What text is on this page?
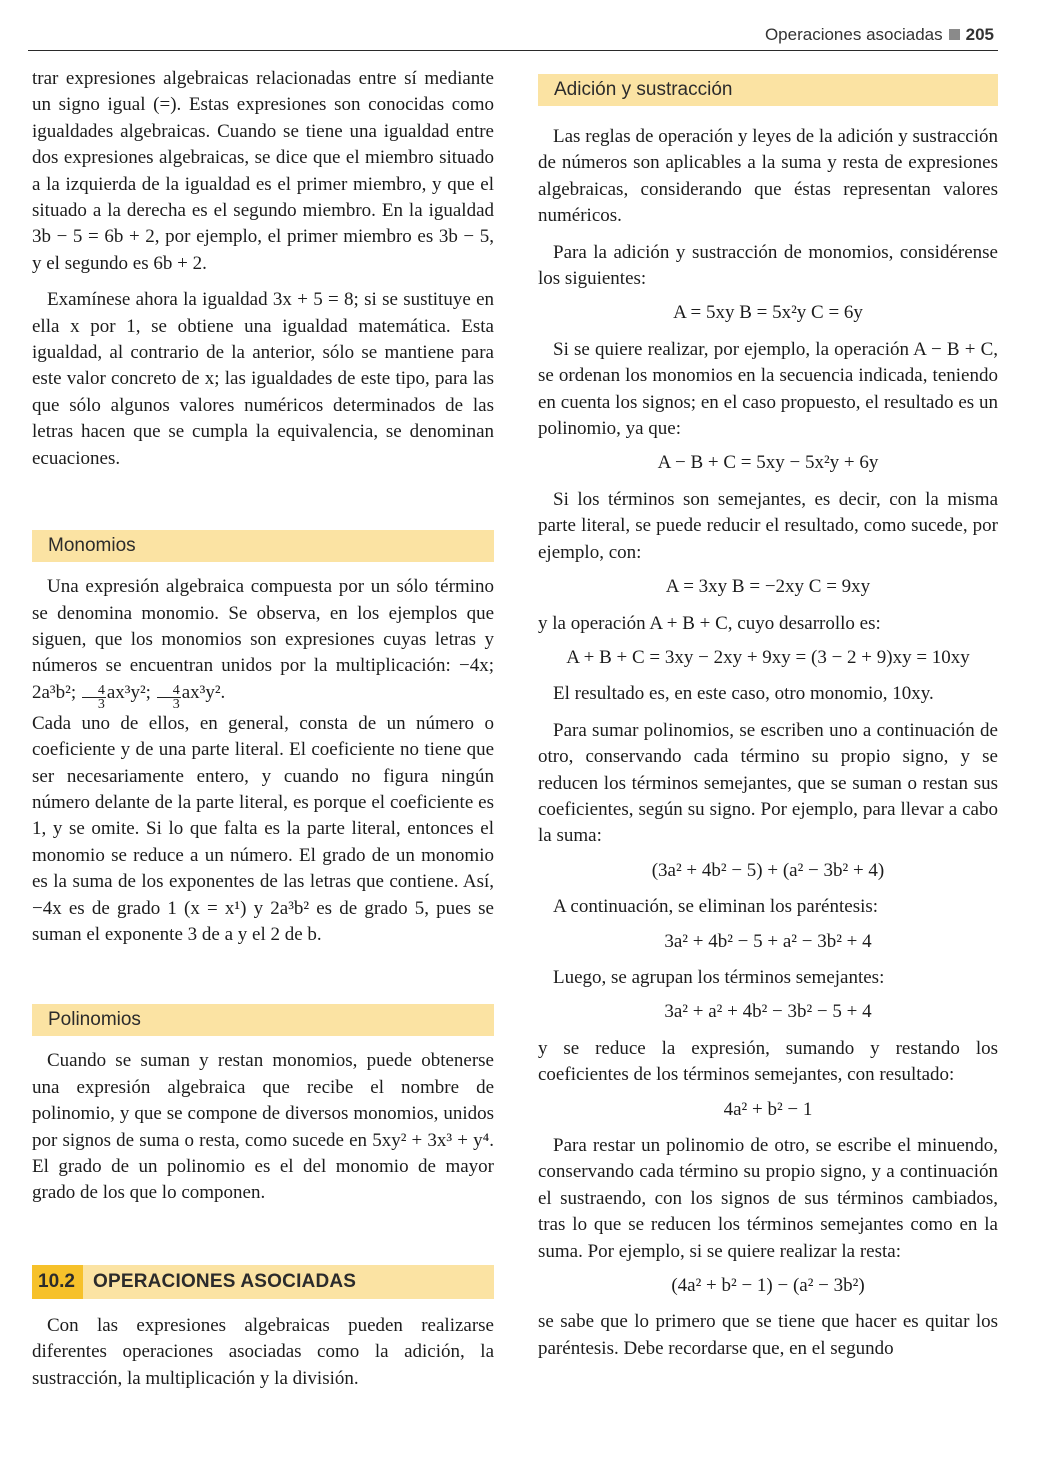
Operaciones asociadas 205

trar expresiones algebraicas relacionadas entre sí mediante un signo igual (=). Estas expresiones son conocidas como igualdades algebraicas. Cuando se tiene una igualdad entre dos expresiones algebraicas, se dice que el miembro situado a la izquierda de la igualdad es el primer miembro, y que el situado a la derecha es el segundo miembro. En la igualdad 3b − 5 = 6b + 2, por ejemplo, el primer miembro es 3b − 5, y el segundo es 6b + 2.

Examínese ahora la igualdad 3x + 5 = 8; si se sustituye en ella x por 1, se obtiene una igualdad matemática. Esta igualdad, al contrario de la anterior, sólo se mantiene para este valor concreto de x; las igualdades de este tipo, para las que sólo algunos valores numéricos determinados de las letras hacen que se cumpla la equivalencia, se denominan ecuaciones.

Monomios

Una expresión algebraica compuesta por un sólo término se denomina monomio. Se observa, en los ejemplos que siguen, que los monomios son expresiones cuyas letras y números se encuentran unidos por la multiplicación: −4x; 2a³b²; $\frac{4}{3} ax^3y^2$; $\frac{4}{3} ax^3y^2$.

Cada uno de ellos, en general, consta de un número o coeficiente y de una parte literal. El coeficiente no tiene que ser necesariamente entero, y cuando no figura ningún número delante de la parte literal, es porque el coeficiente es 1, y se omite. Si lo que falta es la parte literal, entonces el monomio se reduce a un número. El grado de un monomio es la suma de los exponentes de las letras que contiene. Así, −4x es de grado 1 (x = x¹) y 2a³b² es de grado 5, pues se suman el exponente 3 de a y el 2 de b.

Polinomios

Cuando se suman y restan monomios, puede obtenerse una expresión algebraica que recibe el nombre de polinomio, y que se compone de diversos monomios, unidos por signos de suma o resta, como sucede en 5xy² + 3x³ + y⁴. El grado de un polinomio es el del monomio de mayor grado de los que lo componen.

10.2 OPERACIONES ASOCIADAS

Con las expresiones algebraicas pueden realizarse diferentes operaciones asociadas como la adición, la sustracción, la multiplicación y la división.

Adición y sustracción

Las reglas de operación y leyes de la adición y sustracción de números son aplicables a la suma y resta de expresiones algebraicas, considerando que éstas representan valores numéricos.

Para la adición y sustracción de monomios, considérense los siguientes:

A = 5xy B = 5x²y C = 6y

Si se quiere realizar, por ejemplo, la operación A − B + C, se ordenan los monomios en la secuencia indicada, teniendo en cuenta los signos; en el caso propuesto, el resultado es un polinomio, ya que:

A − B + C = 5xy − 5x²y + 6y

Si los términos son semejantes, es decir, con la misma parte literal, se puede reducir el resultado, como sucede, por ejemplo, con:

A = 3xy B = −2xy C = 9xy

y la operación A + B + C, cuyo desarrollo es:

A + B + C = 3xy − 2xy + 9xy = (3 − 2 + 9)xy = 10xy

El resultado es, en este caso, otro monomio, 10xy.

Para sumar polinomios, se escriben uno a continuación de otro, conservando cada término su propio signo, y se reducen los términos semejantes, que se suman o restan sus coeficientes, según su signo. Por ejemplo, para llevar a cabo la suma:

(3a² + 4b² − 5) + (a² − 3b² + 4)

A continuación, se eliminan los paréntesis:

3a² + 4b² − 5 + a² − 3b² + 4

Luego, se agrupan los términos semejantes:

3a² + a² + 4b² − 3b² − 5 + 4

y se reduce la expresión, sumando y restando los coeficientes de los términos semejantes, con resultado:

4a² + b² − 1

Para restar un polinomio de otro, se escribe el minuendo, conservando cada término su propio signo, y a continuación el sustraendo, con los signos de sus términos cambiados, tras lo que se reducen los términos semejantes como en la suma. Por ejemplo, si se quiere realizar la resta:

(4a² + b² − 1) − (a² − 3b²)

se sabe que lo primero que se tiene que hacer es quitar los paréntesis. Debe recordarse que, en el segundo
